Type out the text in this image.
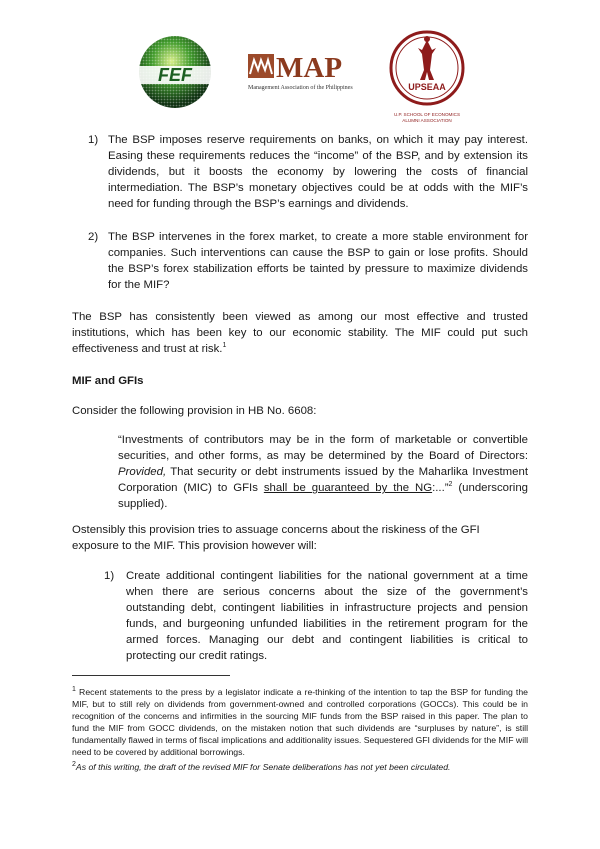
FEF	MAP
Management Association of the Philippines	UPSEAA
U.P. SCHOOL OF ECONOMICS
ALUMNI ASSOCIATION
1) The BSP imposes reserve requirements on banks, on which it may pay interest. Easing these requirements reduces the “income” of the BSP, and by extension its dividends, but it boosts the economy by lowering the costs of financial intermediation. The BSP’s monetary objectives could be at odds with the MIF’s need for funding through the BSP’s earnings and dividends.
2) The BSP intervenes in the forex market, to create a more stable environment for companies. Such interventions can cause the BSP to gain or lose profits. Should the BSP’s forex stabilization efforts be tainted by pressure to maximize dividends for the MIF?
The BSP has consistently been viewed as among our most effective and trusted institutions, which has been key to our economic stability. The MIF could put such effectiveness and trust at risk.$^1$
MIF and GFIs
Consider the following provision in HB No. 6608:
“Investments of contributors may be in the form of marketable or convertible securities, and other forms, as may be determined by the Board of Directors: Provided, That security or debt instruments issued by the Maharlika Investment Corporation (MIC) to GFIs shall be guaranteed by the NG:...”$^2$ (underscoring supplied).
Ostensibly this provision tries to assuage concerns about the riskiness of the GFI exposure to the MIF. This provision however will:
1) Create additional contingent liabilities for the national government at a time when there are serious concerns about the size of the government’s outstanding debt, contingent liabilities in infrastructure projects and pension funds, and burgeoning unfunded liabilities in the retirement program for the armed forces. Managing our debt and contingent liabilities is critical to protecting our credit ratings.
$^1$ Recent statements to the press by a legislator indicate a re-thinking of the intention to tap the BSP for funding the MIF, but to still rely on dividends from government-owned and controlled corporations (GOCCs). This could be in recognition of the concerns and infirmities in the sourcing MIF funds from the BSP raised in this paper. The plan to fund the MIF from GOCC dividends, on the mistaken notion that such dividends are “surpluses by nature”, is still fundamentally flawed in terms of fiscal implications and additionality issues. Sequestered GFI dividends for the MIF will need to be covered by additional borrowings.
$^2$As of this writing, the draft of the revised MIF for Senate deliberations has not yet been circulated.
